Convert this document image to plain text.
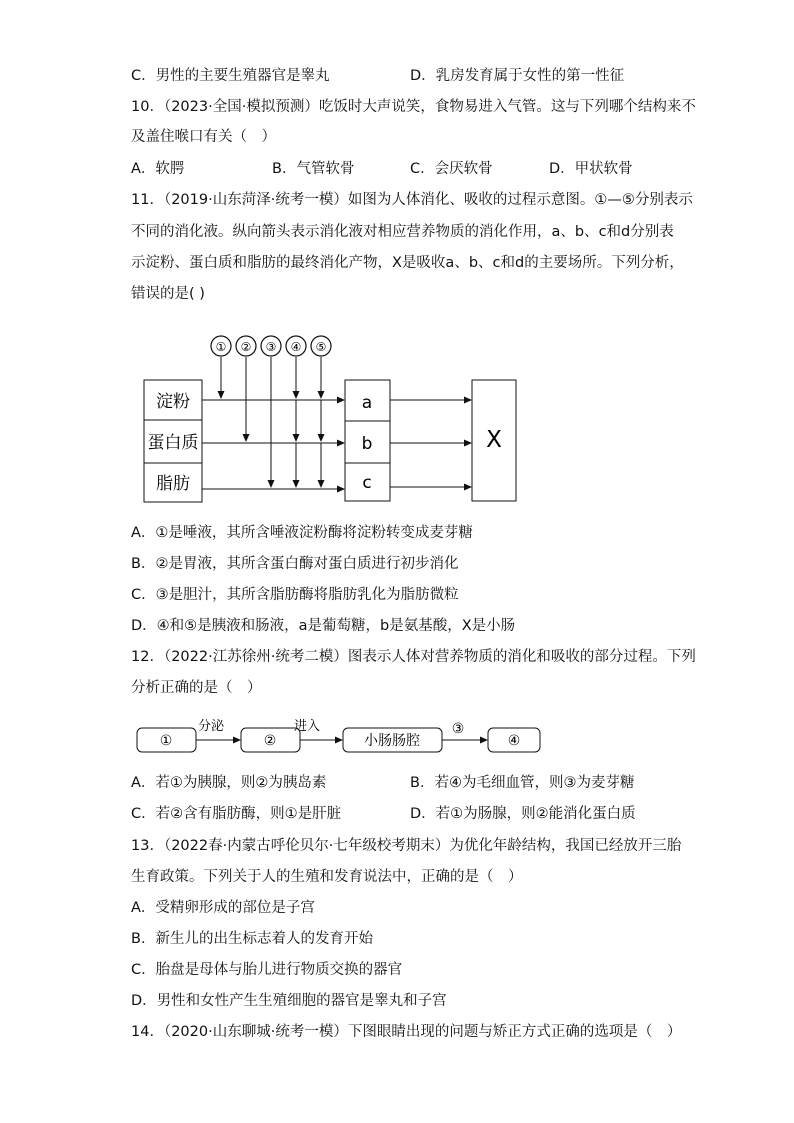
C．男性的主要生殖器官是睾丸	D．乳房发育属于女性的第一性征
10．（2023·全国·模拟预测）吃饭时大声说笑，食物易进入气管。这与下列哪个结构来不
及盖住喉口有关（　）
A．软腭	B．气管软骨	C．会厌软骨	D．甲状软骨
11．（2019·山东菏泽·统考一模）如图为人体消化、吸收的过程示意图。①—⑤分别表示
不同的消化液。纵向箭头表示消化液对相应营养物质的消化作用，a、b、c和d分别表
示淀粉、蛋白质和脂肪的最终消化产物，X是吸收a、b、c和d的主要场所。下列分析，
错误的是( )
① ② ③ ④ ⑤
淀粉
蛋白质
脂肪
a
b
c
X
①	②	小肠肠腔	④
分泌	进入	③
A．①是唾液，其所含唾液淀粉酶将淀粉转变成麦芽糖
B．②是胃液，其所含蛋白酶对蛋白质进行初步消化
C．③是胆汁，其所含脂肪酶将脂肪乳化为脂肪微粒
D．④和⑤是胰液和肠液，a是葡萄糖，b是氨基酸，X是小肠
12．（2022·江苏徐州·统考二模）图表示人体对营养物质的消化和吸收的部分过程。下列
分析正确的是（　）
A．若①为胰腺，则②为胰岛素	B．若④为毛细血管，则③为麦芽糖
C．若②含有脂肪酶，则①是肝脏	D．若①为肠腺，则②能消化蛋白质
13．（2022春·内蒙古呼伦贝尔·七年级校考期末）为优化年龄结构，我国已经放开三胎
生育政策。下列关于人的生殖和发育说法中，正确的是（　）
A．受精卵形成的部位是子宫
B．新生儿的出生标志着人的发育开始
C．胎盘是母体与胎儿进行物质交换的器官
D．男性和女性产生生殖细胞的器官是睾丸和子宫
14．（2020·山东聊城·统考一模）下图眼睛出现的问题与矫正方式正确的选项是（　）
